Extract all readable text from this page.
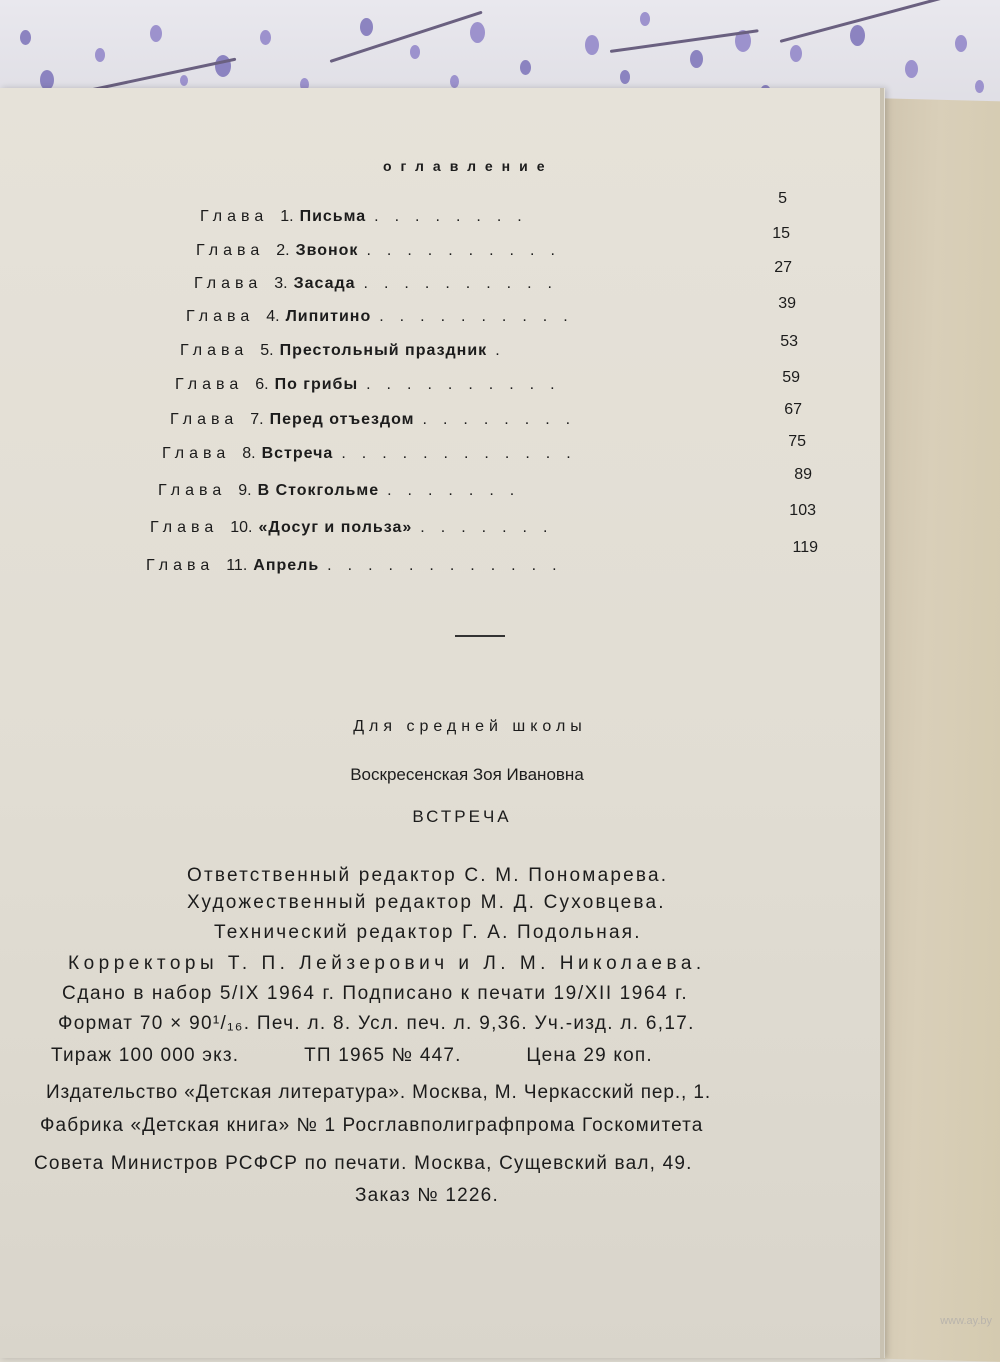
оглавление
Глава 1. Письма ........
5
Глава 2. Звонок ..........
15
Глава 3. Засада ..........
27
Глава 4. Липитино ..........
39
Глава 5. Престольный праздник .
53
Глава 6. По грибы ..........	59
Глава 7. Перед отъездом ........
67
Глава 8. Встреча ............
75
Глава 9. В Стокгольме .......
89
Глава 10. «Досуг и польза» .......
103
Глава 11. Апрель ............
119
Для средней школы
Воскресенская Зоя Ивановна
ВСТРЕЧА
Ответственный редактор С. М. Пономарева.
Художественный редактор М. Д. Суховцева.
Технический редактор Г. А. Подольная.
Корректоры Т. П. Лейзерович и Л. М. Николаева.
Сдано в набор 5/IX 1964 г. Подписано к печати 19/XII 1964 г.
Формат 70 × 90¹/₁₆. Печ. л. 8. Усл. печ. л. 9,36. Уч.-изд. л. 6,17.
Тираж 100 000 экз.          ТП 1965 № 447.          Цена 29 коп.
Издательство «Детская литература». Москва, М. Черкасский пер., 1.
Фабрика «Детская книга» № 1 Росглавполиграфпрома Госкомитета
Совета Министров РСФСР по печати. Москва, Сущевский вал, 49.
Заказ № 1226.
www.ay.by
